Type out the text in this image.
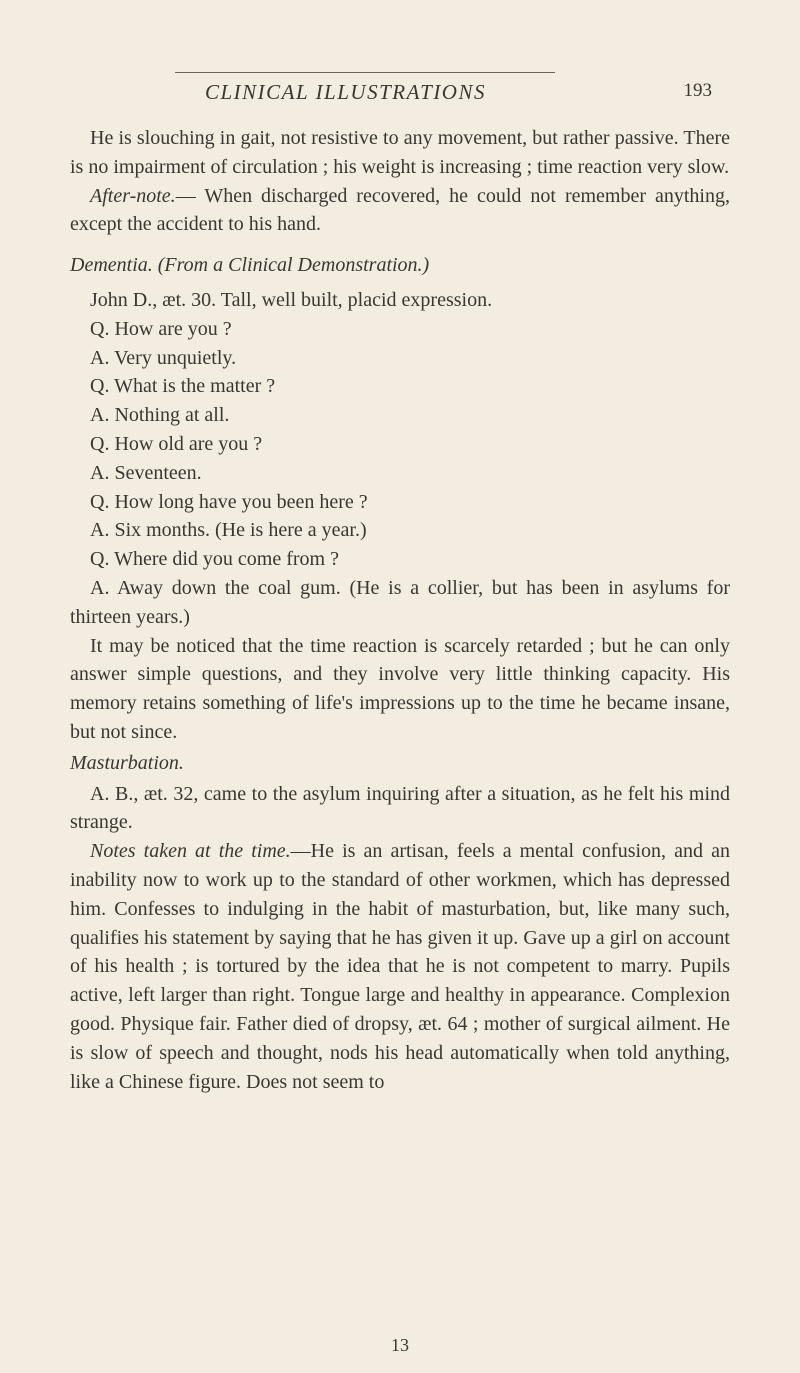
CLINICAL ILLUSTRATIONS	193

He is slouching in gait, not resistive to any movement, but rather passive. There is no impairment of circulation ; his weight is increasing ; time reaction very slow.

After-note.— When discharged recovered, he could not remember anything, except the accident to his hand.

Dementia. (From a Clinical Demonstration.)

John D., æt. 30. Tall, well built, placid expression.

Q. How are you ?

A. Very unquietly.

Q. What is the matter ?

A. Nothing at all.

Q. How old are you ?

A. Seventeen.

Q. How long have you been here ?

A. Six months. (He is here a year.)

Q. Where did you come from ?

A. Away down the coal gum. (He is a collier, but has been in asylums for thirteen years.)

It may be noticed that the time reaction is scarcely retarded ; but he can only answer simple questions, and they involve very little thinking capacity. His memory retains something of life's impressions up to the time he became insane, but not since.

Masturbation.

A. B., æt. 32, came to the asylum inquiring after a situation, as he felt his mind strange.

Notes taken at the time.—He is an artisan, feels a mental confusion, and an inability now to work up to the standard of other workmen, which has depressed him. Confesses to indulging in the habit of masturbation, but, like many such, qualifies his statement by saying that he has given it up. Gave up a girl on account of his health ; is tortured by the idea that he is not competent to marry. Pupils active, left larger than right. Tongue large and healthy in appearance. Complexion good. Physique fair. Father died of dropsy, æt. 64 ; mother of surgical ailment. He is slow of speech and thought, nods his head automatically when told anything, like a Chinese figure. Does not seem to

13
